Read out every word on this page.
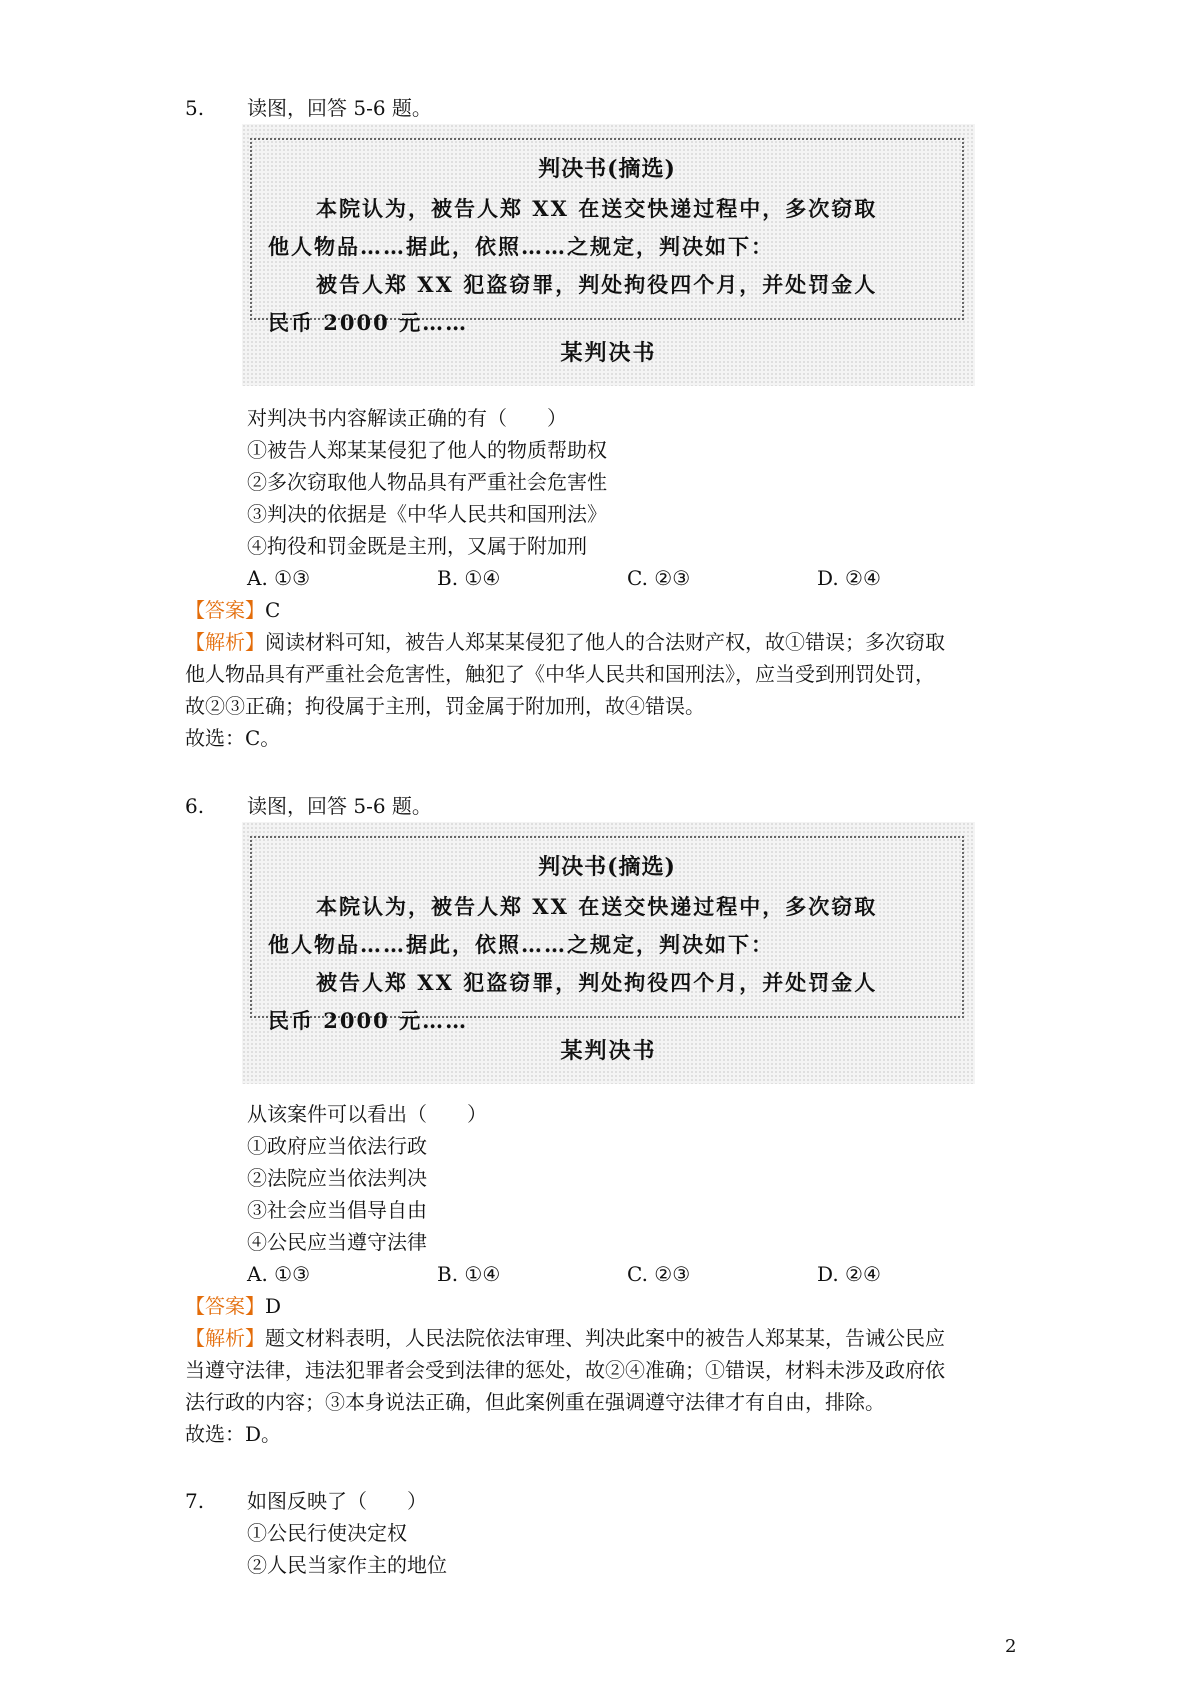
5. 读图，回答 5-6 题。
判决书(摘选)
本院认为，被告人郑 XX 在送交快递过程中，多次窃取
他人物品……据此，依照……之规定，判决如下：
被告人郑 XX 犯盗窃罪，判处拘役四个月，并处罚金人
民币 2000 元……
某判决书
对判决书内容解读正确的有（　　）
①被告人郑某某侵犯了他人的物质帮助权
②多次窃取他人物品具有严重社会危害性
③判决的依据是《中华人民共和国刑法》
④拘役和罚金既是主刑，又属于附加刑
A. ①③	B. ①④	C. ②③	D. ②④
【答案】C
【解析】阅读材料可知，被告人郑某某侵犯了他人的合法财产权，故①错误；多次窃取
他人物品具有严重社会危害性，触犯了《中华人民共和国刑法》，应当受到刑罚处罚，
故②③正确；拘役属于主刑，罚金属于附加刑，故④错误。
故选：C。
6. 读图，回答 5-6 题。
判决书(摘选)
本院认为，被告人郑 XX 在送交快递过程中，多次窃取
他人物品……据此，依照……之规定，判决如下：
被告人郑 XX 犯盗窃罪，判处拘役四个月，并处罚金人
民币 2000 元……
某判决书
从该案件可以看出（　　）
①政府应当依法行政
②法院应当依法判决
③社会应当倡导自由
④公民应当遵守法律
A. ①③	B. ①④	C. ②③	D. ②④
【答案】D
【解析】题文材料表明，人民法院依法审理、判决此案中的被告人郑某某，告诫公民应
当遵守法律，违法犯罪者会受到法律的惩处，故②④准确；①错误，材料未涉及政府依
法行政的内容；③本身说法正确，但此案例重在强调遵守法律才有自由，排除。
故选：D。
7. 如图反映了（　　）
①公民行使决定权
②人民当家作主的地位
2
